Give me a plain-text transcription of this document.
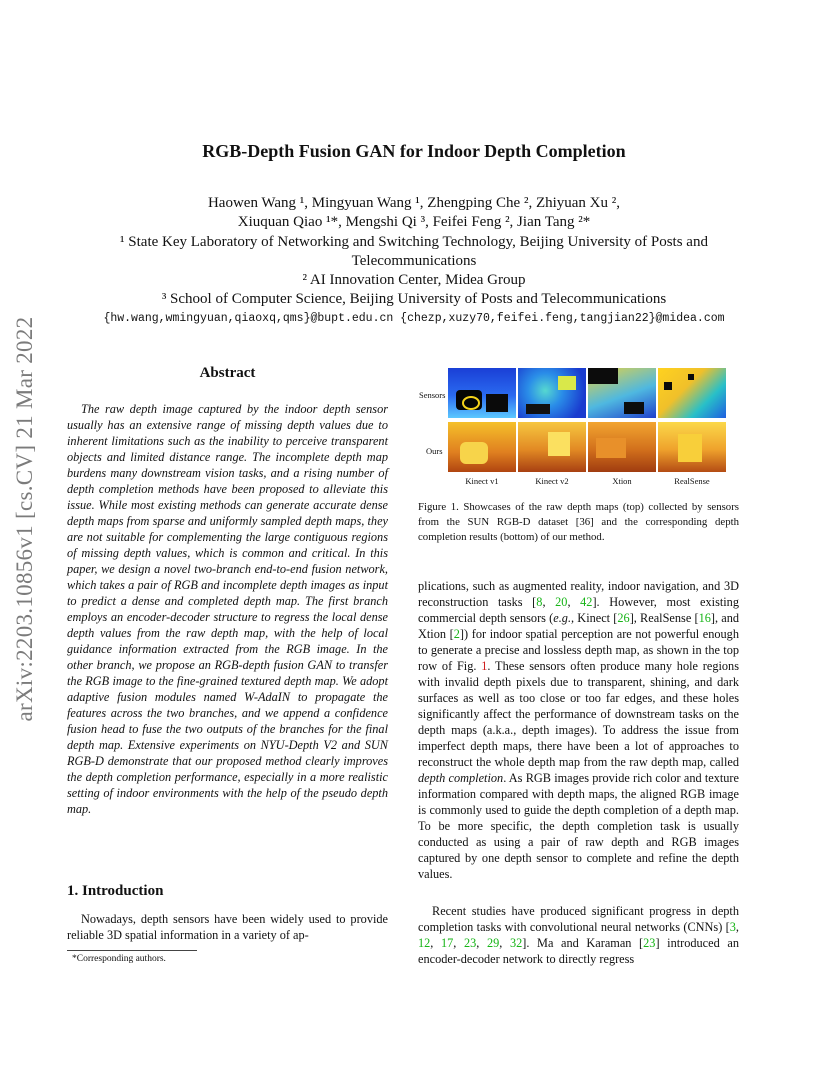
arXiv:2203.10856v1 [cs.CV] 21 Mar 2022
RGB-Depth Fusion GAN for Indoor Depth Completion
Haowen Wang ¹, Mingyuan Wang ¹, Zhengping Che ², Zhiyuan Xu ²,
Xiuquan Qiao ¹*, Mengshi Qi ³, Feifei Feng ², Jian Tang ²*
¹ State Key Laboratory of Networking and Switching Technology, Beijing University of Posts and
Telecommunications
² AI Innovation Center, Midea Group
³ School of Computer Science, Beijing University of Posts and Telecommunications
{hw.wang,wmingyuan,qiaoxq,qms}@bupt.edu.cn {chezp,xuzy70,feifei.feng,tangjian22}@midea.com
Abstract
The raw depth image captured by the indoor depth sensor usually has an extensive range of missing depth values due to inherent limitations such as the inability to perceive transparent objects and limited distance range. The incomplete depth map burdens many downstream vision tasks, and a rising number of depth completion methods have been proposed to alleviate this issue. While most existing methods can generate accurate dense depth maps from sparse and uniformly sampled depth maps, they are not suitable for complementing the large contiguous regions of missing depth values, which is common and critical. In this paper, we design a novel two-branch end-to-end fusion network, which takes a pair of RGB and incomplete depth images as input to predict a dense and completed depth map. The first branch employs an encoder-decoder structure to regress the local dense depth values from the raw depth map, with the help of local guidance information extracted from the RGB image. In the other branch, we propose an RGB-depth fusion GAN to transfer the RGB image to the fine-grained textured depth map. We adopt adaptive fusion modules named W-AdaIN to propagate the features across the two branches, and we append a confidence fusion head to fuse the two outputs of the branches for the final depth map. Extensive experiments on NYU-Depth V2 and SUN RGB-D demonstrate that our proposed method clearly improves the depth completion performance, especially in a more realistic setting of indoor environments with the help of the pseudo depth map.
1. Introduction
Nowadays, depth sensors have been widely used to provide reliable 3D spatial information in a variety of ap-
*Corresponding authors.
Sensors
Ours
Kinect v1	Kinect v2	Xtion	RealSense
Figure 1. Showcases of the raw depth maps (top) collected by sensors from the SUN RGB-D dataset [36] and the corresponding depth completion results (bottom) of our method.
plications, such as augmented reality, indoor navigation, and 3D reconstruction tasks [8, 20, 42]. However, most existing commercial depth sensors (e.g., Kinect [26], RealSense [16], and Xtion [2]) for indoor spatial perception are not powerful enough to generate a precise and lossless depth map, as shown in the top row of Fig. 1. These sensors often produce many hole regions with invalid depth pixels due to transparent, shining, and dark surfaces as well as too close or too far edges, and these holes significantly affect the performance of downstream tasks on the depth maps (a.k.a., depth images). To address the issue from imperfect depth maps, there have been a lot of approaches to reconstruct the whole depth map from the raw depth map, called depth completion. As RGB images provide rich color and texture information compared with depth maps, the aligned RGB image is commonly used to guide the depth completion of a depth map. To be more specific, the depth completion task is usually conducted as using a pair of raw depth and RGB images captured by one depth sensor to complete and refine the depth values.
Recent studies have produced significant progress in depth completion tasks with convolutional neural networks (CNNs) [3, 12, 17, 23, 29, 32]. Ma and Karaman [23] introduced an encoder-decoder network to directly regress
